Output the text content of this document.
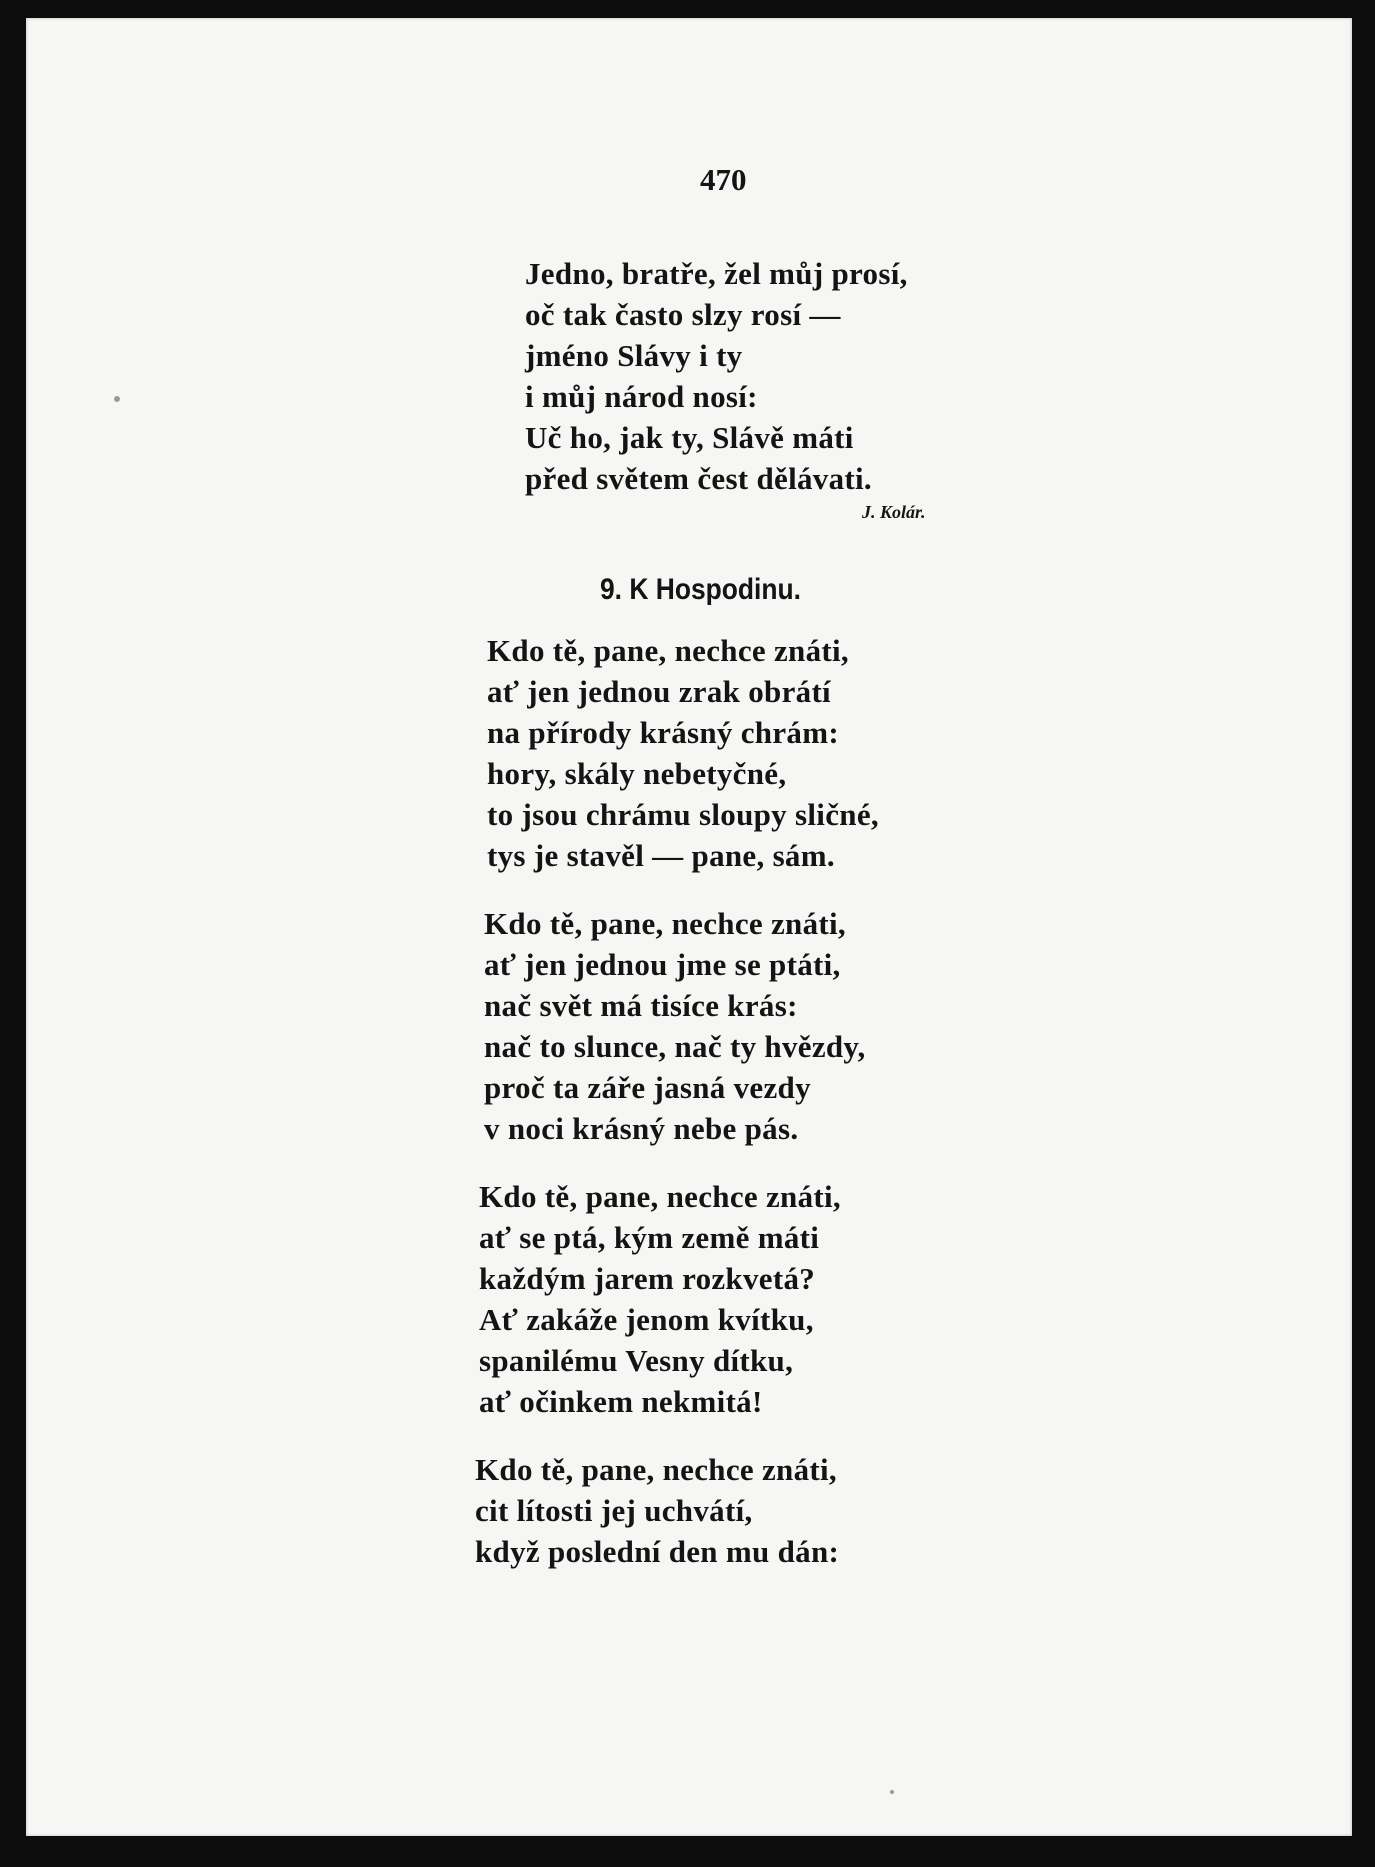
470
Jedno, bratře, žel můj prosí,
oč tak často slzy rosí —
jméno Slávy i ty
i můj národ nosí:
Uč ho, jak ty, Slávě máti
před světem čest dělávati.
J. Kolár.
9. K Hospodinu.
Kdo tě, pane, nechce znáti,
ať jen jednou zrak obrátí
na přírody krásný chrám:
hory, skály nebetyčné,
to jsou chrámu sloupy sličné,
tys je stavěl — pane, sám.
Kdo tě, pane, nechce znáti,
ať jen jednou jme se ptáti,
nač svět má tisíce krás:
nač to slunce, nač ty hvězdy,
proč ta záře jasná vezdy
v noci krásný nebe pás.
Kdo tě, pane, nechce znáti,
ať se ptá, kým země máti
každým jarem rozkvetá?
Ať zakáže jenom kvítku,
spanilému Vesny dítku,
ať očinkem nekmitá!
Kdo tě, pane, nechce znáti,
cit lítosti jej uchvátí,
když poslední den mu dán:
